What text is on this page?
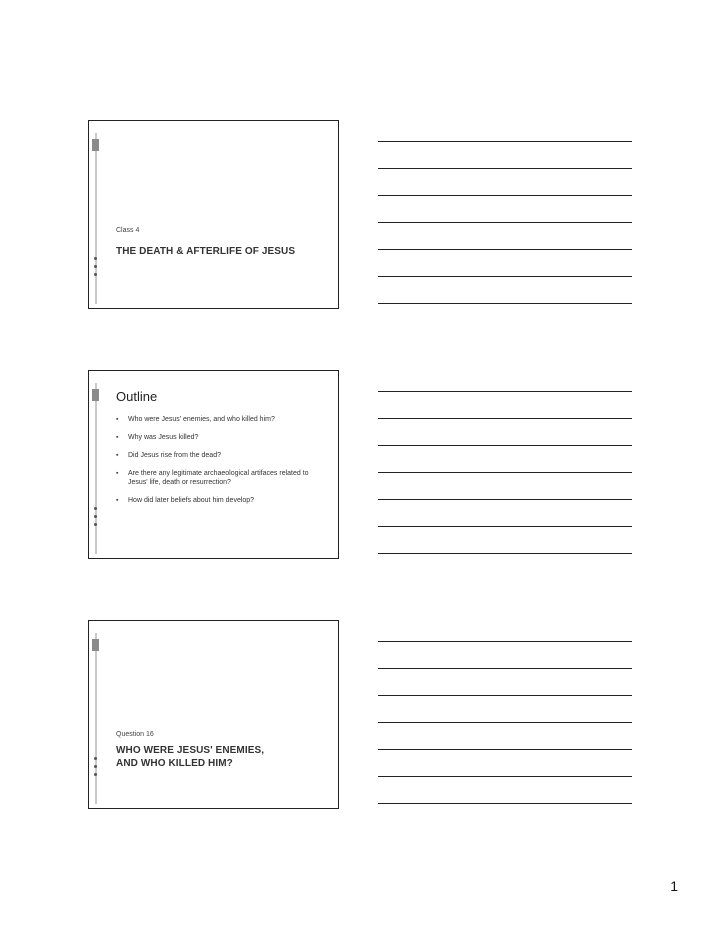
Class 4
THE DEATH & AFTERLIFE OF JESUS
Outline
▪ Who were Jesus' enemies, and who killed him?
▪ Why was Jesus killed?
▪ Did Jesus rise from the dead?
▪ Are there any legitimate archaeological artifaces related to Jesus' life, death or resurrection?
▪ How did later beliefs about him develop?
Question 16
WHO WERE JESUS' ENEMIES,
AND WHO KILLED HIM?
1
